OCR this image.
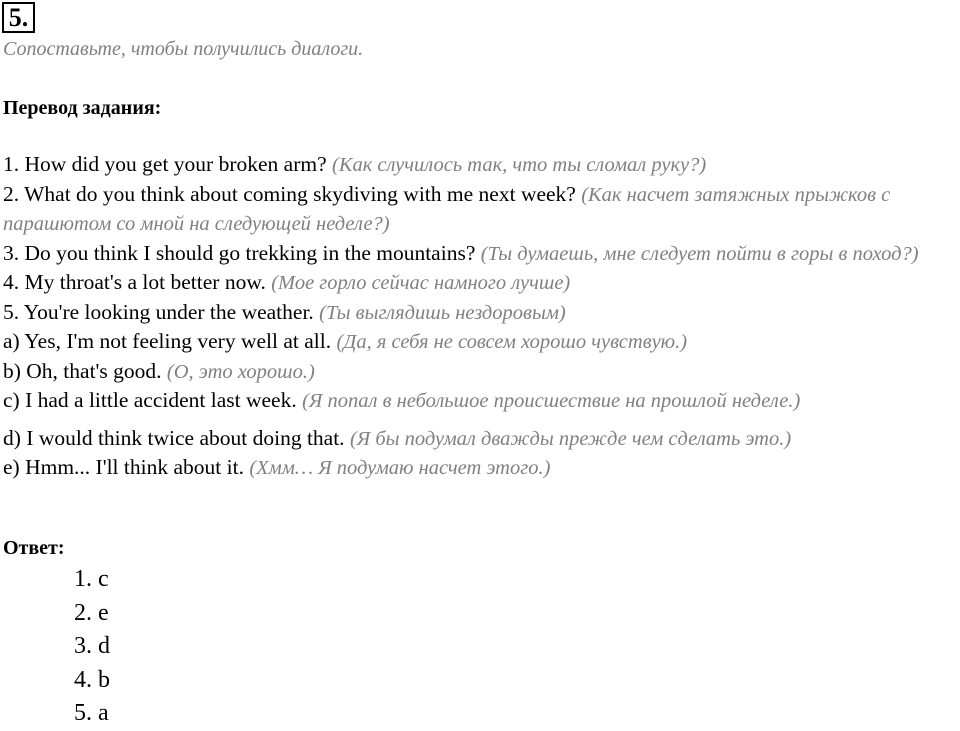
5.
Сопоставьте, чтобы получились диалоги.
Перевод задания:

1. How did you get your broken arm? (Как случилось так, что ты сломал руку?)

2. What do you think about coming skydiving with me next week? (Как насчет затяжных прыжков с парашютом со мной на следующей неделе?)

3. Do you think I should go trekking in the mountains? (Ты думаешь, мне следует пойти в горы в поход?)

4. My throat's a lot better now. (Мое горло сейчас намного лучше)

5. You're looking under the weather. (Ты выглядишь нездоровым)

a) Yes, I'm not feeling very well at all. (Да, я себя не совсем хорошо чувствую.)

b) Oh, that's good. (О, это хорошо.)

c) I had a little accident last week. (Я попал в небольшое происшествие на прошлой неделе.)

d) I would think twice about doing that. (Я бы подумал дважды прежде чем сделать это.)

e) Hmm... I'll think about it. (Хмм… Я подумаю насчет этого.)

Ответ:
1. c
2. e
3. d
4. b
5. a
